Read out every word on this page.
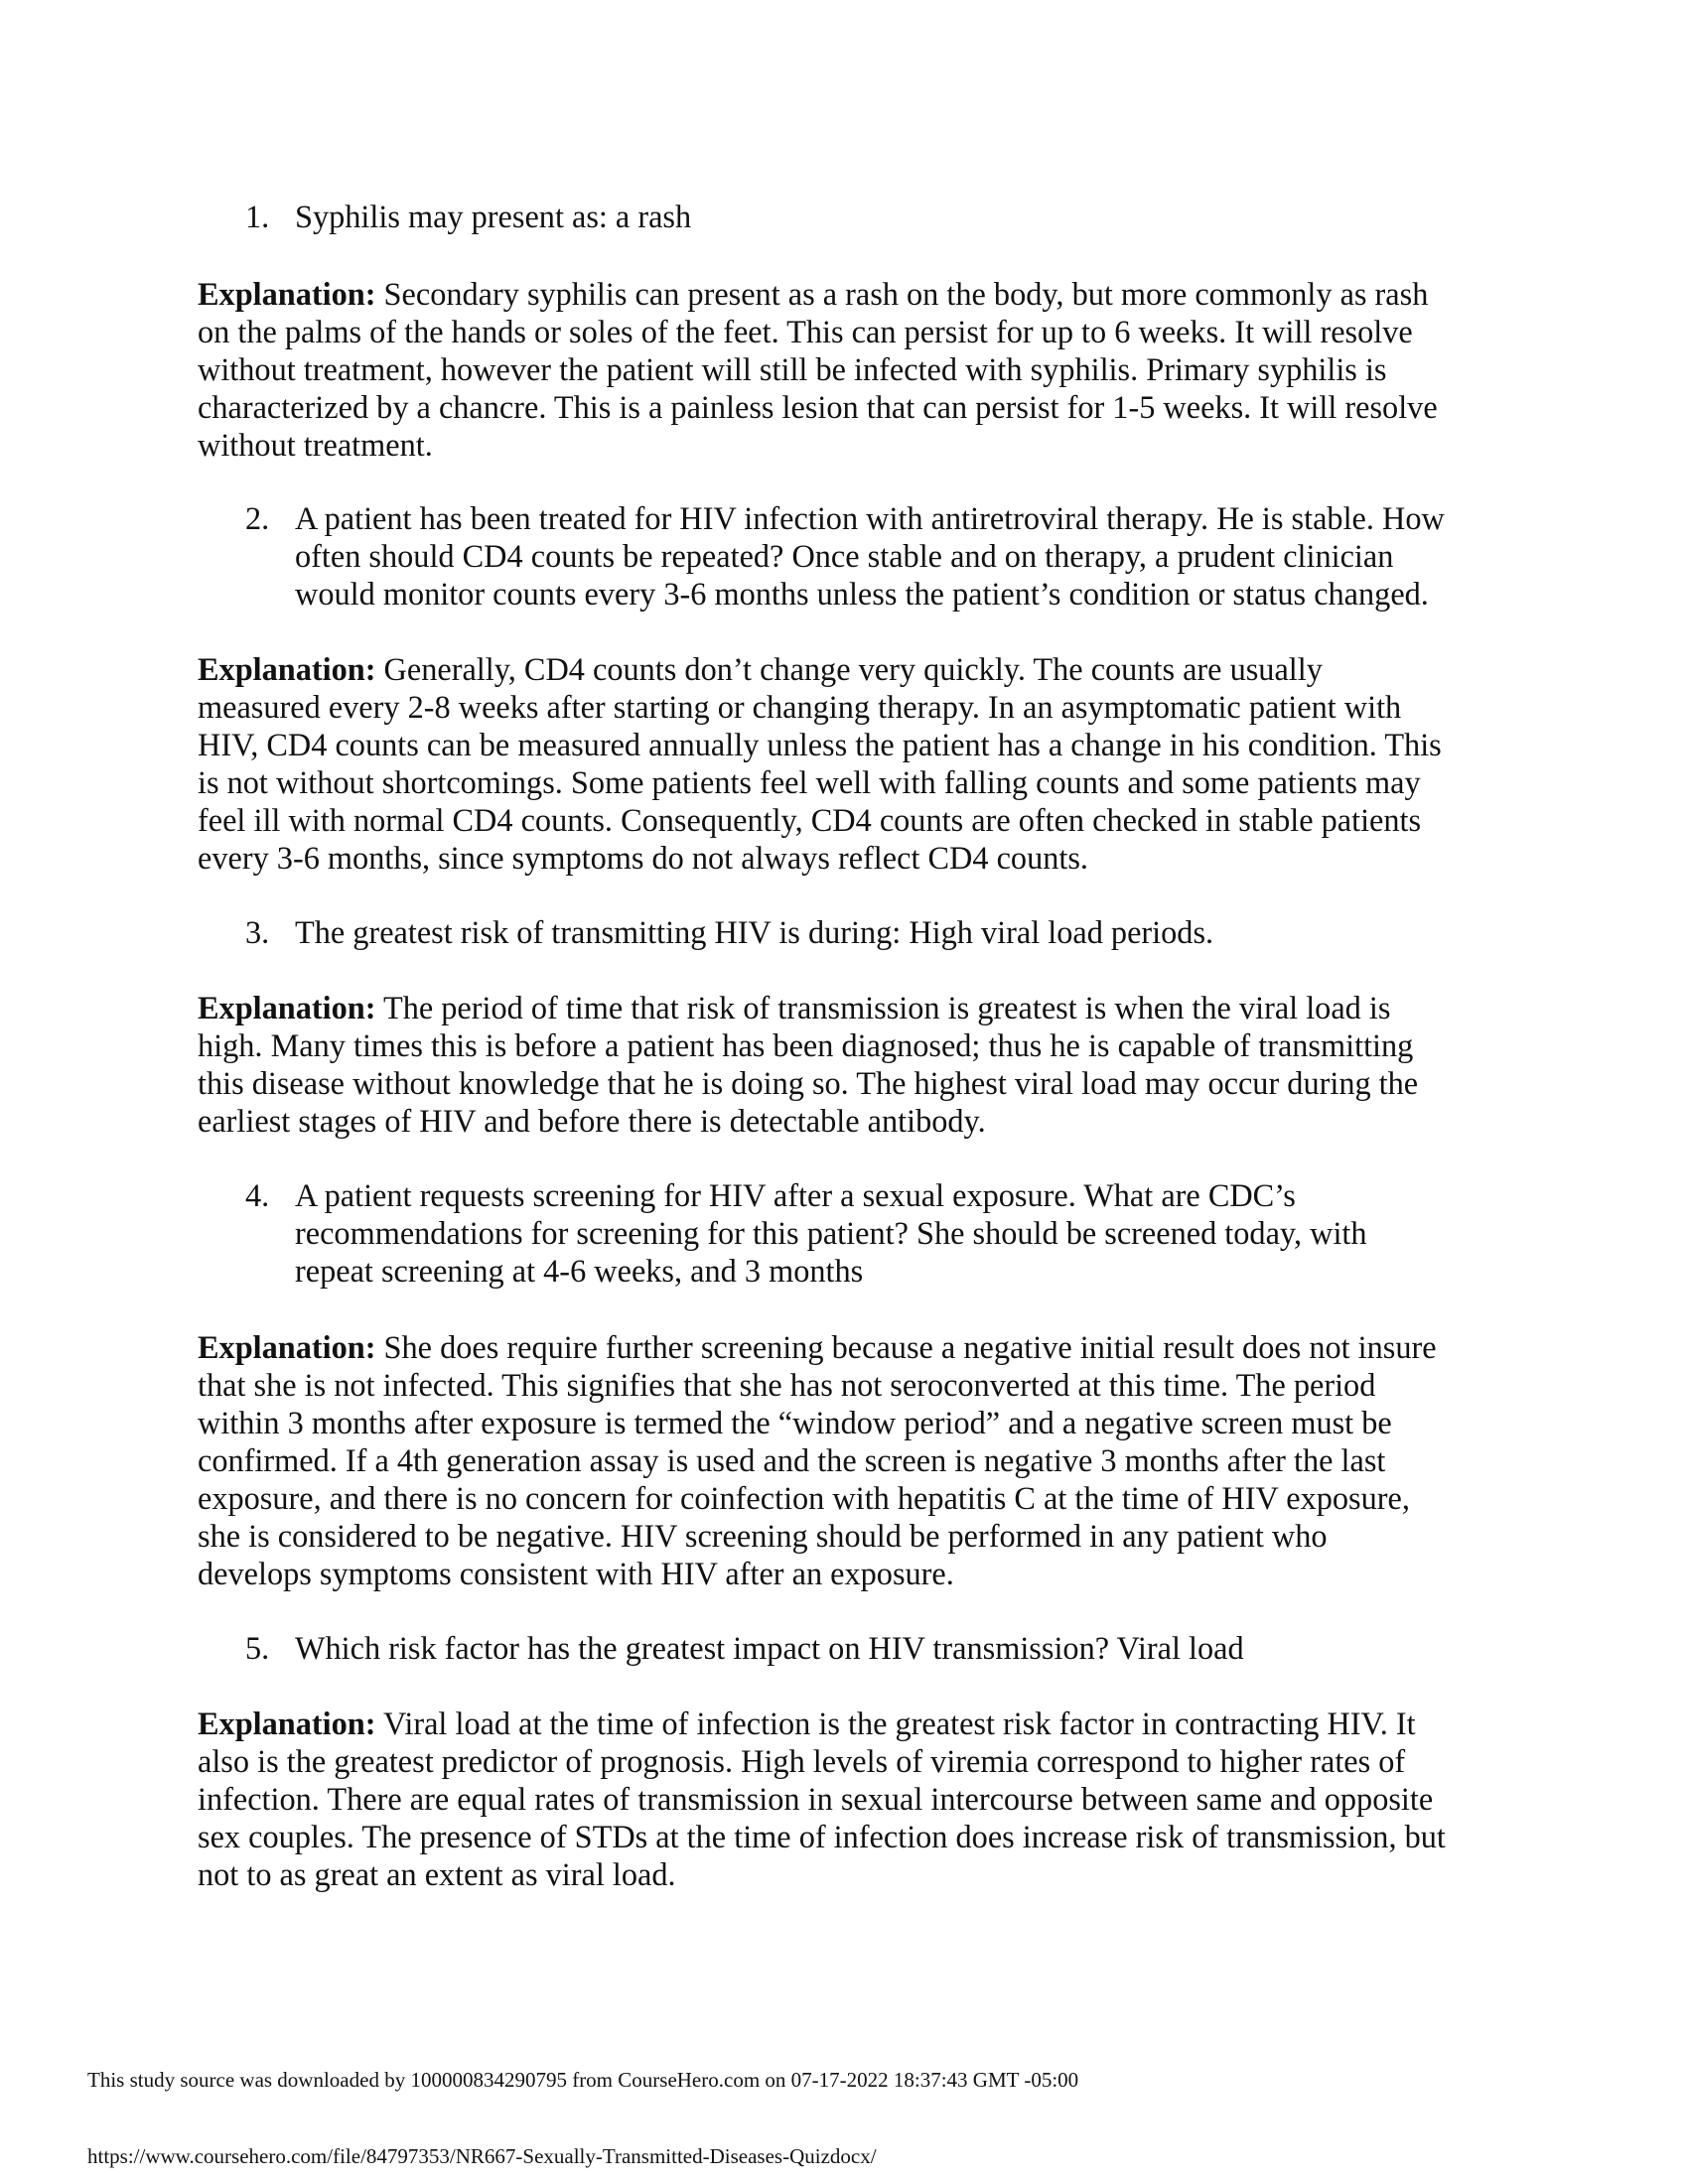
1. Syphilis may present as: a rash
Explanation: Secondary syphilis can present as a rash on the body, but more commonly as rash
on the palms of the hands or soles of the feet. This can persist for up to 6 weeks. It will resolve
without treatment, however the patient will still be infected with syphilis. Primary syphilis is
characterized by a chancre. This is a painless lesion that can persist for 1-5 weeks. It will resolve
without treatment.
2. A patient has been treated for HIV infection with antiretroviral therapy. He is stable. How
often should CD4 counts be repeated? Once stable and on therapy, a prudent clinician
would monitor counts every 3-6 months unless the patient’s condition or status changed.
Explanation: Generally, CD4 counts don’t change very quickly. The counts are usually
measured every 2-8 weeks after starting or changing therapy. In an asymptomatic patient with
HIV, CD4 counts can be measured annually unless the patient has a change in his condition. This
is not without shortcomings. Some patients feel well with falling counts and some patients may
feel ill with normal CD4 counts. Consequently, CD4 counts are often checked in stable patients
every 3-6 months, since symptoms do not always reflect CD4 counts.
3. The greatest risk of transmitting HIV is during: High viral load periods.
Explanation: The period of time that risk of transmission is greatest is when the viral load is
high. Many times this is before a patient has been diagnosed; thus he is capable of transmitting
this disease without knowledge that he is doing so. The highest viral load may occur during the
earliest stages of HIV and before there is detectable antibody.
4. A patient requests screening for HIV after a sexual exposure. What are CDC’s
recommendations for screening for this patient? She should be screened today, with
repeat screening at 4-6 weeks, and 3 months
Explanation: She does require further screening because a negative initial result does not insure
that she is not infected. This signifies that she has not seroconverted at this time. The period
within 3 months after exposure is termed the “window period” and a negative screen must be
confirmed. If a 4th generation assay is used and the screen is negative 3 months after the last
exposure, and there is no concern for coinfection with hepatitis C at the time of HIV exposure,
she is considered to be negative. HIV screening should be performed in any patient who
develops symptoms consistent with HIV after an exposure.
5. Which risk factor has the greatest impact on HIV transmission? Viral load
Explanation: Viral load at the time of infection is the greatest risk factor in contracting HIV. It
also is the greatest predictor of prognosis. High levels of viremia correspond to higher rates of
infection. There are equal rates of transmission in sexual intercourse between same and opposite
sex couples. The presence of STDs at the time of infection does increase risk of transmission, but
not to as great an extent as viral load.
This study source was downloaded by 100000834290795 from CourseHero.com on 07-17-2022 18:37:43 GMT -05:00
https://www.coursehero.com/file/84797353/NR667-Sexually-Transmitted-Diseases-Quizdocx/
